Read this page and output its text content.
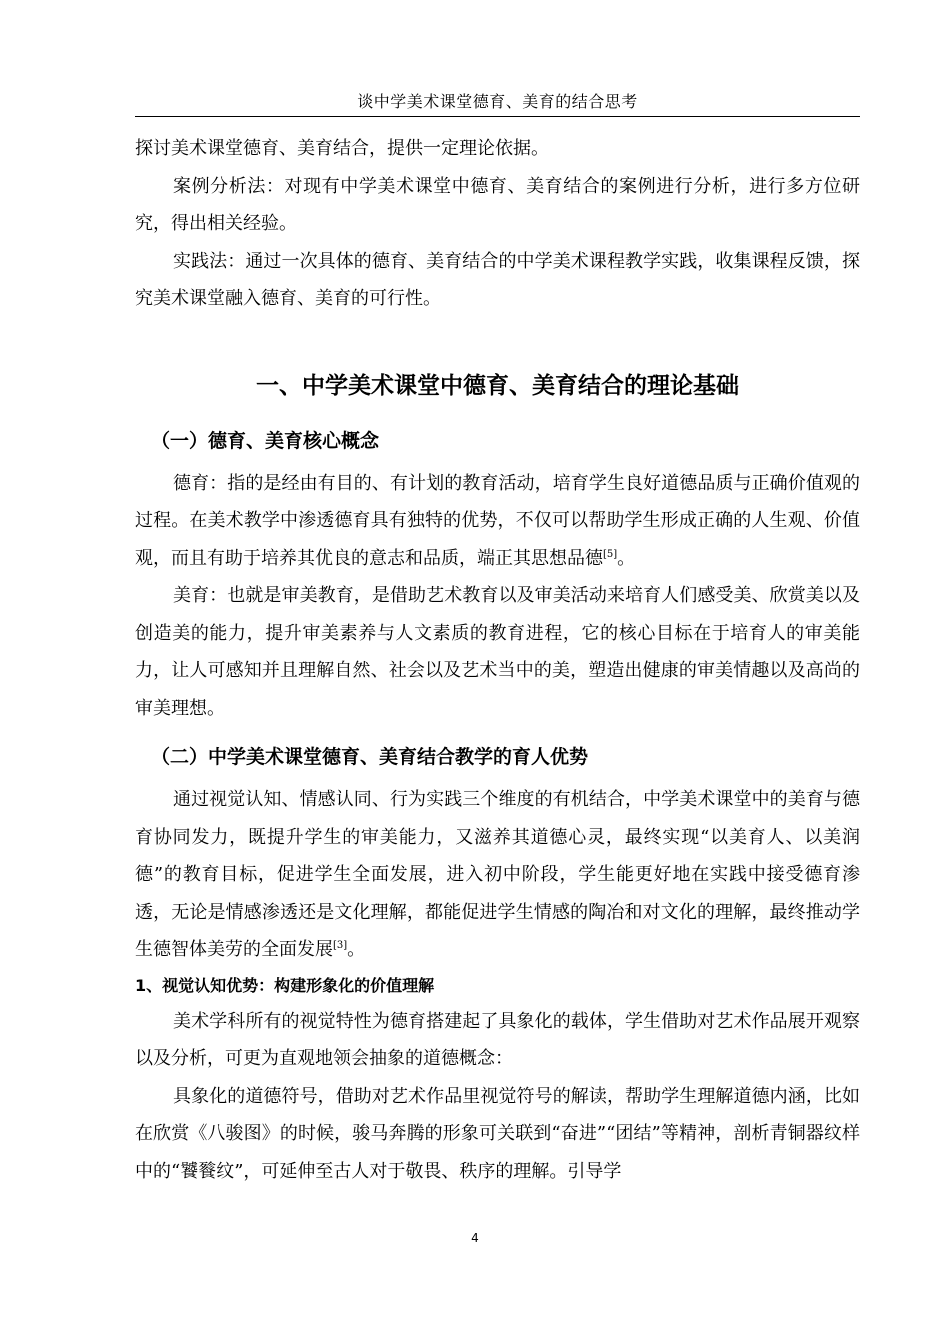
谈中学美术课堂德育、美育的结合思考

探讨美术课堂德育、美育结合，提供一定理论依据。

案例分析法：对现有中学美术课堂中德育、美育结合的案例进行分析，进行多方位研究，得出相关经验。

实践法：通过一次具体的德育、美育结合的中学美术课程教学实践，收集课程反馈，探究美术课堂融入德育、美育的可行性。

一、中学美术课堂中德育、美育结合的理论基础
（一）德育、美育核心概念

德育：指的是经由有目的、有计划的教育活动，培育学生良好道德品质与正确价值观的过程。在美术教学中渗透德育具有独特的优势，不仅可以帮助学生形成正确的人生观、价值观，而且有助于培养其优良的意志和品质，端正其思想品德[5]。

美育：也就是审美教育，是借助艺术教育以及审美活动来培育人们感受美、欣赏美以及创造美的能力，提升审美素养与人文素质的教育进程，它的核心目标在于培育人的审美能力，让人可感知并且理解自然、社会以及艺术当中的美，塑造出健康的审美情趣以及高尚的审美理想。

（二）中学美术课堂德育、美育结合教学的育人优势

通过视觉认知、情感认同、行为实践三个维度的有机结合，中学美术课堂中的美育与德育协同发力，既提升学生的审美能力，又滋养其道德心灵，最终实现“以美育人、以美润德”的教育目标，促进学生全面发展，进入初中阶段，学生能更好地在实践中接受德育渗透，无论是情感渗透还是文化理解，都能促进学生情感的陶冶和对文化的理解，最终推动学生德智体美劳的全面发展[3]。

1、视觉认知优势：构建形象化的价值理解

美术学科所有的视觉特性为德育搭建起了具象化的载体，学生借助对艺术作品展开观察以及分析，可更为直观地领会抽象的道德概念：

具象化的道德符号，借助对艺术作品里视觉符号的解读，帮助学生理解道德内涵，比如在欣赏《八骏图》的时候，骏马奔腾的形象可关联到“奋进”“团结”等精神，剖析青铜器纹样中的“饕餮纹”，可延伸至古人对于敬畏、秩序的理解。引导学

4
